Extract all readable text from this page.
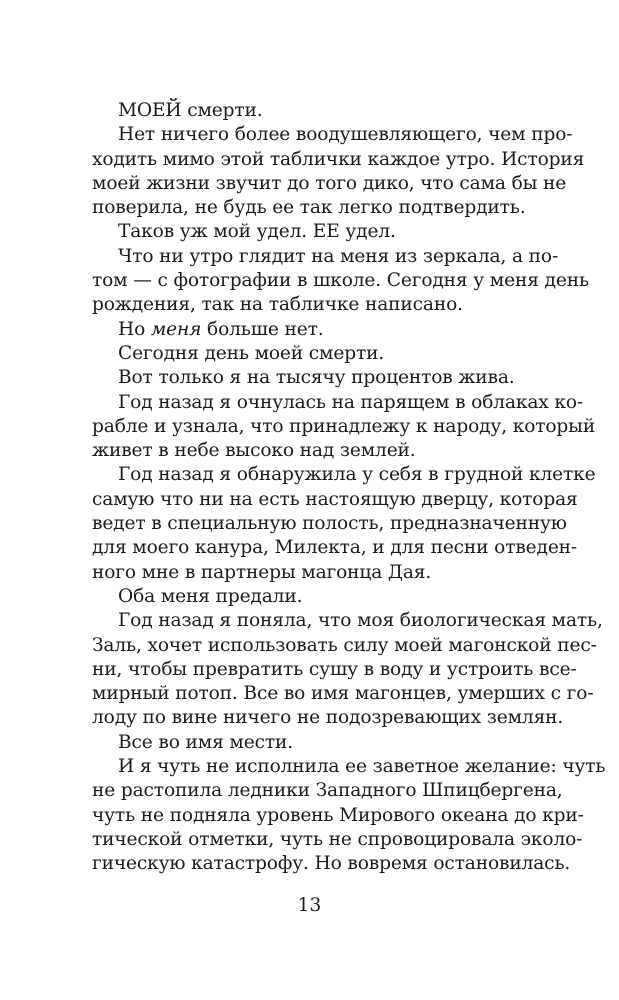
МОЕЙ смерти.

Нет ничего более воодушевляющего, чем про-
ходить мимо этой таблички каждое утро. История
моей жизни звучит до того дико, что сама бы не
поверила, не будь ее так легко подтвердить.

Таков уж мой удел. ЕЕ удел.

Что ни утро глядит на меня из зеркала, а по-
том — с фотографии в школе. Сегодня у меня день
рождения, так на табличке написано.

Но меня больше нет.

Сегодня день моей смерти.

Вот только я на тысячу процентов жива.

Год назад я очнулась на парящем в облаках ко-
рабле и узнала, что принадлежу к народу, который
живет в небе высоко над землей.

Год назад я обнаружила у себя в грудной клетке
самую что ни на есть настоящую дверцу, которая
ведет в специальную полость, предназначенную
для моего канура, Милекта, и для песни отведен-
ного мне в партнеры магонца Дая.

Оба меня предали.

Год назад я поняла, что моя биологическая мать,
Заль, хочет использовать силу моей магонской пес-
ни, чтобы превратить сушу в воду и устроить все-
мирный потоп. Все во имя магонцев, умерших с го-
лоду по вине ничего не подозревающих землян.

Все во имя мести.

И я чуть не исполнила ее заветное желание: чуть
не растопила ледники Западного Шпицбергена,
чуть не подняла уровень Мирового океана до кри-
тической отметки, чуть не спровоцировала эколо-
гическую катастрофу. Но вовремя остановилась.

13
